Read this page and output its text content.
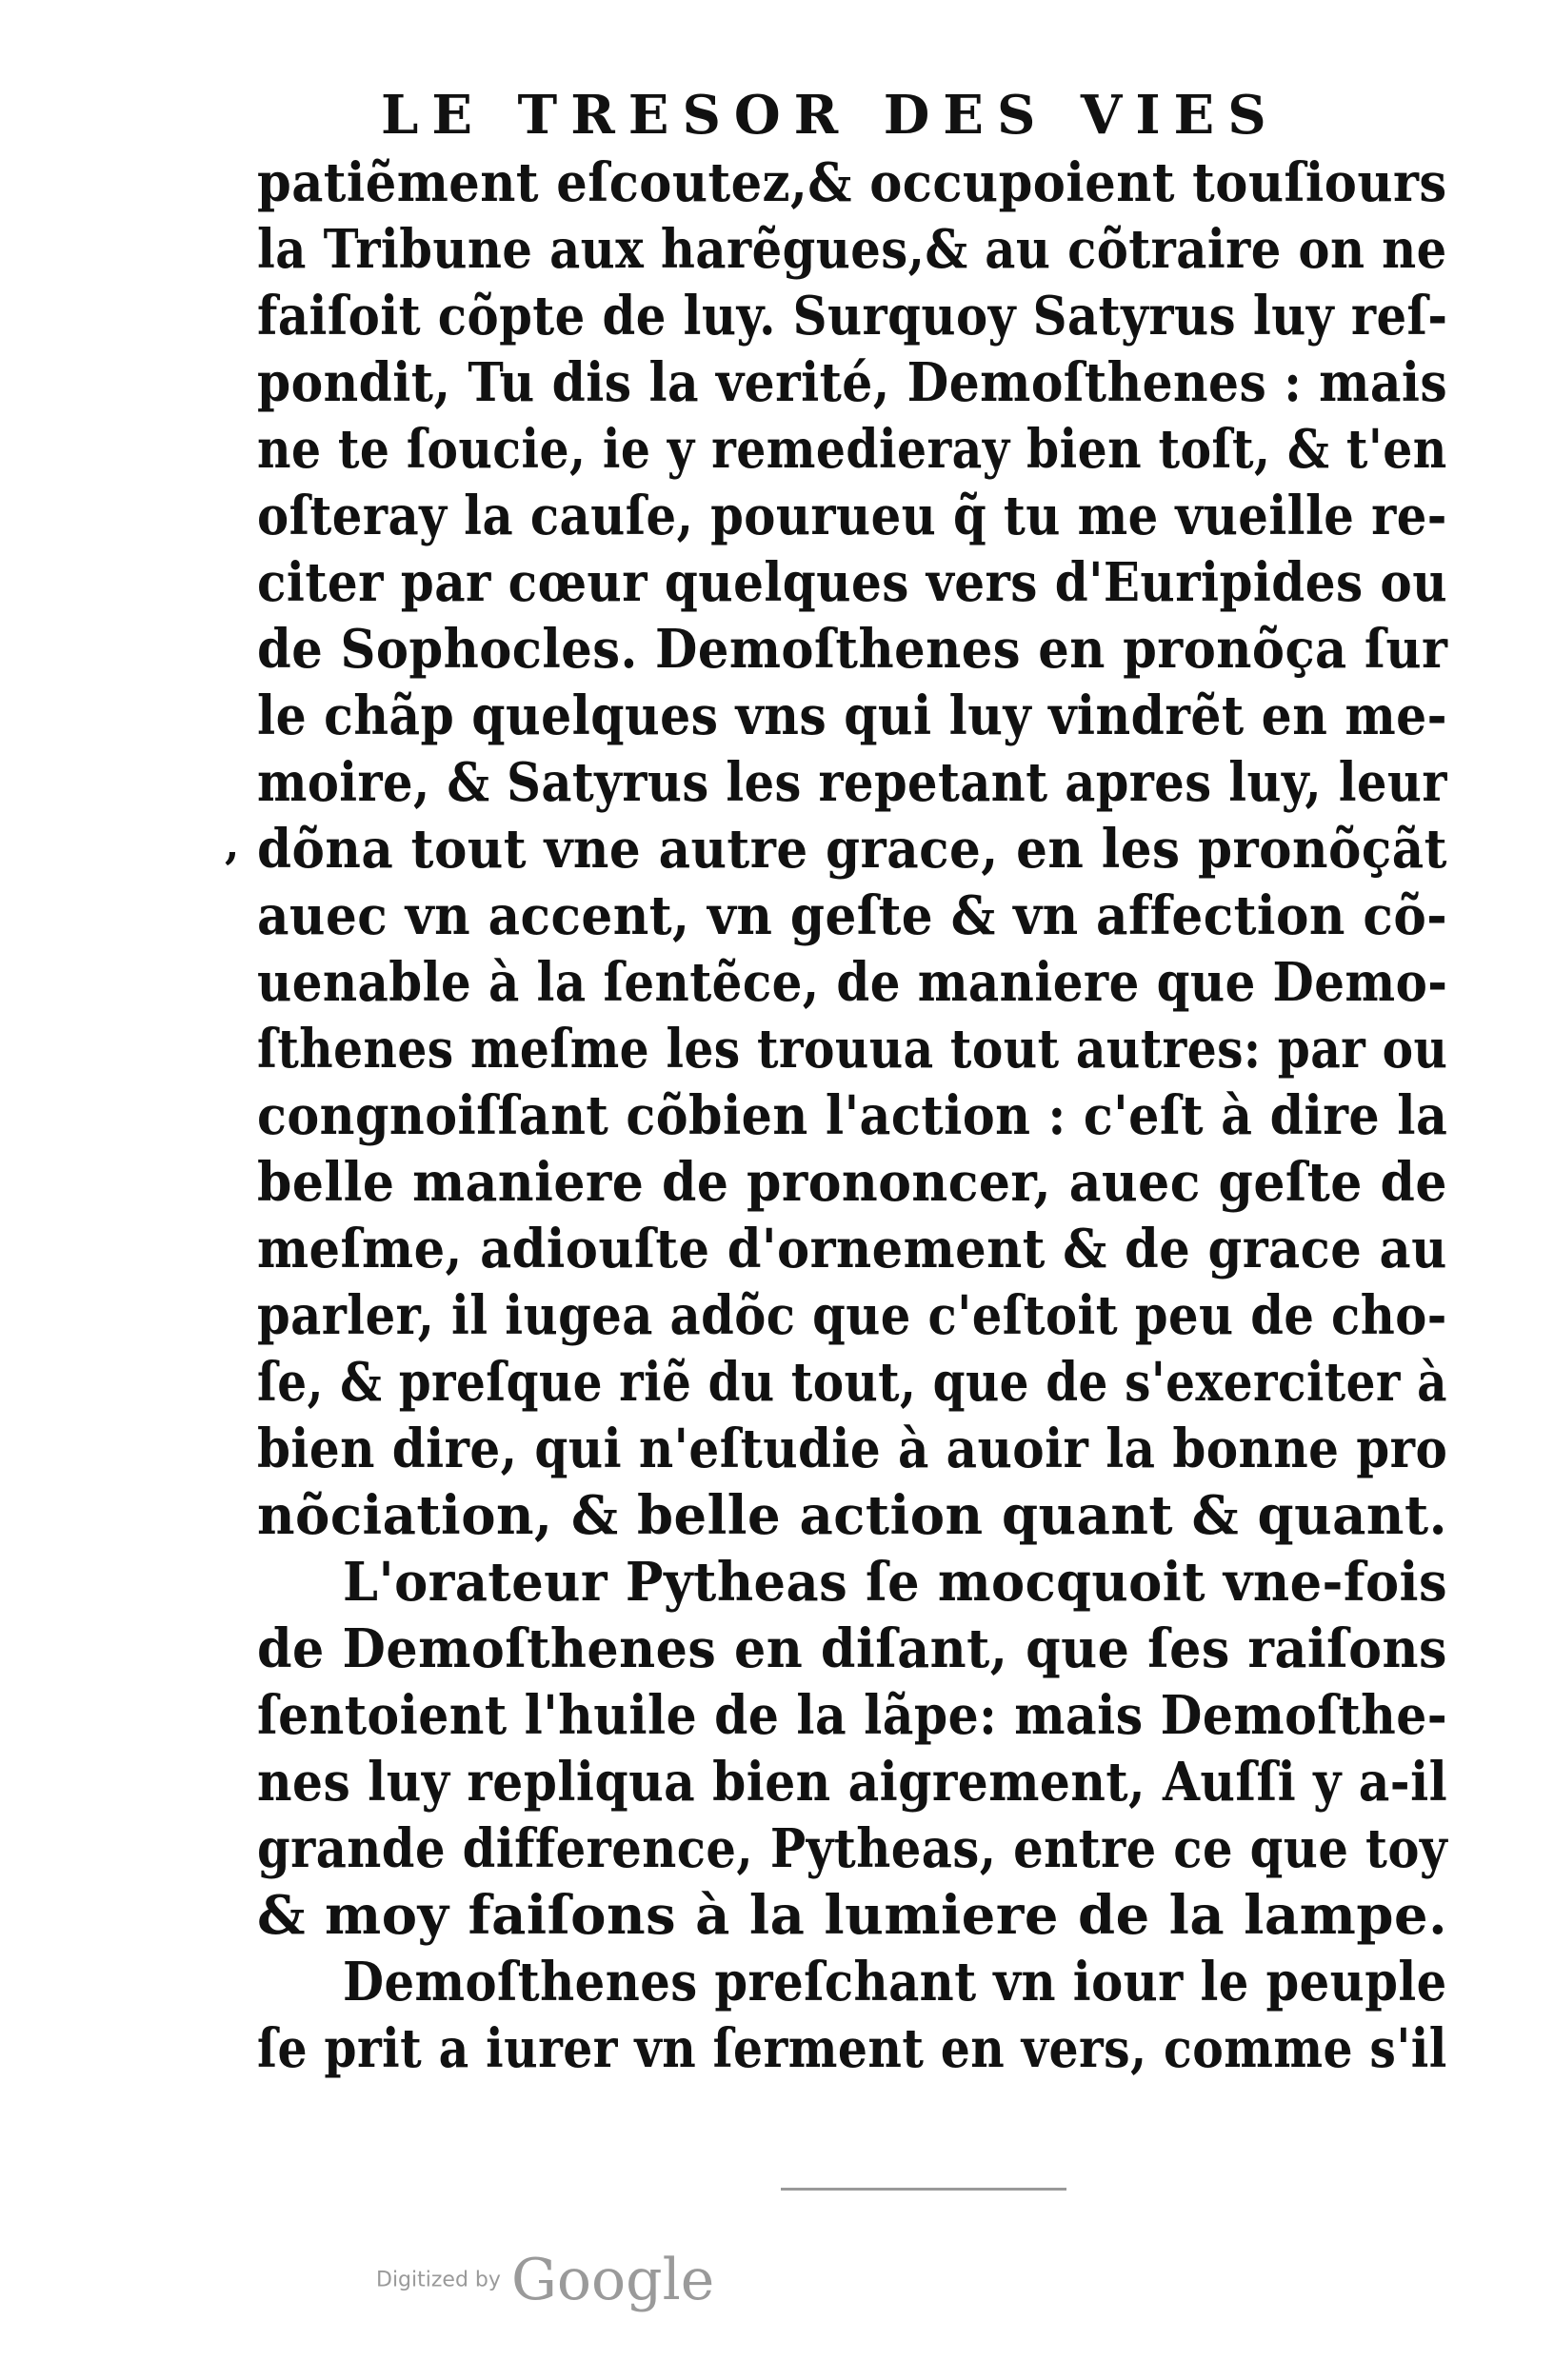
LE TRESOR DES VIES
,
patiẽment eſcoutez,& occupoient touſiours
la Tribune aux harẽgues,& au cõtraire on ne
faiſoit cõpte de luy. Surquoy Satyrus luy reſ-
pondit, Tu dis la verité, Demoſthenes : mais
ne te ſoucie, ie y remedieray bien toſt, & t'en
oſteray la cauſe, pourueu q̃ tu me vueille re-
citer par cœur quelques vers d'Euripides ou
de Sophocles. Demoſthenes en pronõça ſur
le chãp quelques vns qui luy vindrẽt en me-
moire, & Satyrus les repetant apres luy, leur
dõna tout vne autre grace, en les pronõçãt
auec vn accent, vn geſte & vn affection cõ-
uenable à la ſentẽce, de maniere que Demo-
ſthenes meſme les trouua tout autres: par ou
congnoiſſant cõbien l'action : c'eſt à dire la
belle maniere de prononcer, auec geſte de
meſme, adiouſte d'ornement & de grace au
parler, il iugea adõc que c'eſtoit peu de cho-
ſe, & preſque riẽ du tout, que de s'exerciter à
bien dire, qui n'eſtudie à auoir la bonne pro
nõciation, & belle action quant & quant.
L'orateur Pytheas ſe mocquoit vne-fois
de Demoſthenes en diſant, que ſes raiſons
ſentoient l'huile de la lãpe: mais Demoſthe-
nes luy repliqua bien aigrement, Auſſi y a-il
grande difference, Pytheas, entre ce que toy
& moy faiſons à la lumiere de la lampe.
Demoſthenes preſchant vn iour le peuple
ſe prit a iurer vn ſerment en vers, comme s'il
Digitized by Google
